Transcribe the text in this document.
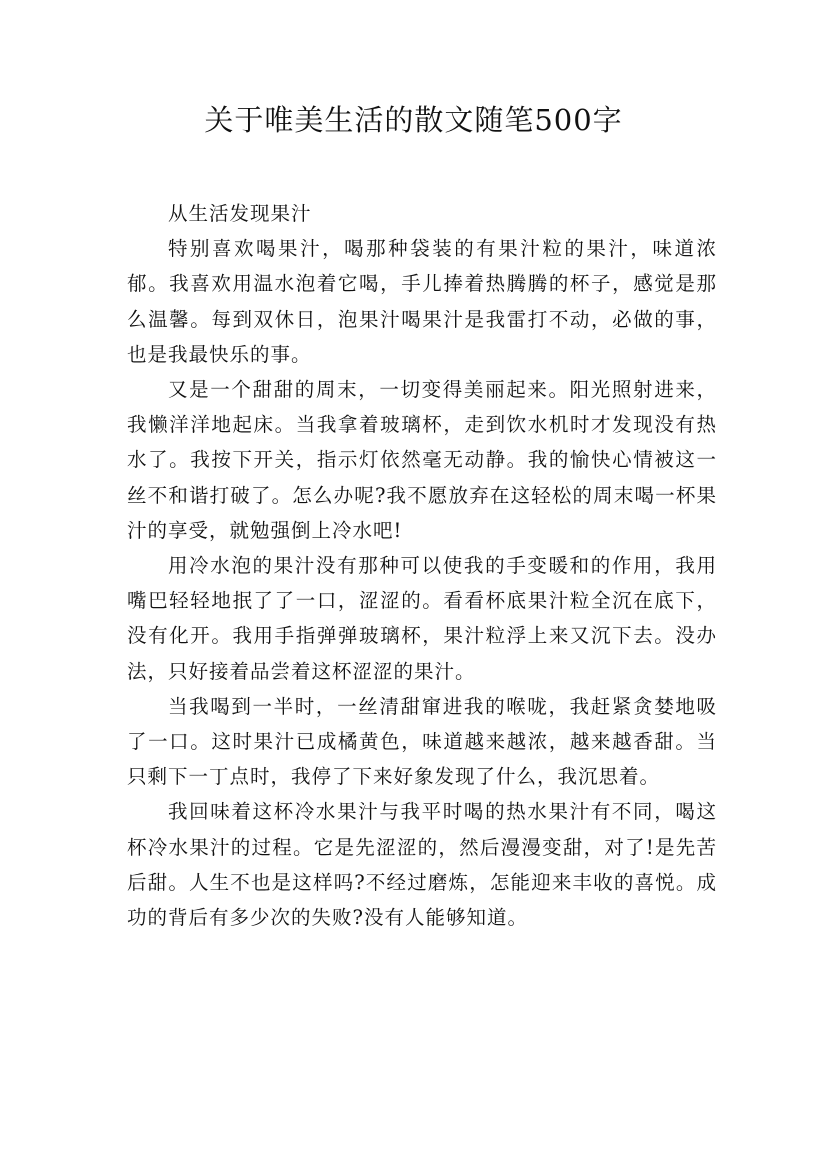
关于唯美生活的散文随笔500字

从生活发现果汁

特别喜欢喝果汁，喝那种袋装的有果汁粒的果汁，味道浓郁。我喜欢用温水泡着它喝，手儿捧着热腾腾的杯子，感觉是那么温馨。每到双休日，泡果汁喝果汁是我雷打不动，必做的事，也是我最快乐的事。

又是一个甜甜的周末，一切变得美丽起来。阳光照射进来，我懒洋洋地起床。当我拿着玻璃杯，走到饮水机时才发现没有热水了。我按下开关，指示灯依然毫无动静。我的愉快心情被这一丝不和谐打破了。怎么办呢?我不愿放弃在这轻松的周末喝一杯果汁的享受，就勉强倒上冷水吧!

用冷水泡的果汁没有那种可以使我的手变暖和的作用，我用嘴巴轻轻地抿了了一口，涩涩的。看看杯底果汁粒全沉在底下，没有化开。我用手指弹弹玻璃杯，果汁粒浮上来又沉下去。没办法，只好接着品尝着这杯涩涩的果汁。

当我喝到一半时，一丝清甜窜进我的喉咙，我赶紧贪婪地吸了一口。这时果汁已成橘黄色，味道越来越浓，越来越香甜。当只剩下一丁点时，我停了下来好象发现了什么，我沉思着。

我回味着这杯冷水果汁与我平时喝的热水果汁有不同，喝这杯冷水果汁的过程。它是先涩涩的，然后漫漫变甜，对了!是先苦后甜。人生不也是这样吗?不经过磨炼，怎能迎来丰收的喜悦。成功的背后有多少次的失败?没有人能够知道。
